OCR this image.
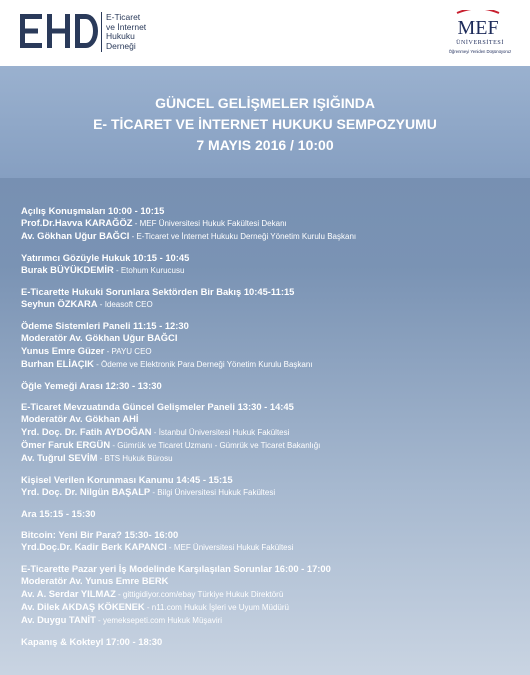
E-Ticaret
ve İnternet
Hukuku
Derneği
MEF
ÜNİVERSİTESİ
Öğrenmeyi Yeniden Düşünüyoruz
GÜNCEL GELİŞMELER IŞIĞINDA
E- TİCARET VE İNTERNET HUKUKU SEMPOZYUMU
7 MAYIS 2016 / 10:00
Açılış Konuşmaları 10:00 - 10:15
Prof.Dr.Havva KARAĞÖZ - MEF Üniversitesi Hukuk Fakültesi Dekanı
Av. Gökhan Uğur BAĞCI - E-Ticaret ve İnternet Hukuku Derneği Yönetim Kurulu Başkanı
Yatırımcı Gözüyle Hukuk 10:15 - 10:45
Burak BÜYÜKDEMİR - Etohum Kurucusu
E-Ticarette Hukuki Sorunlara Sektörden Bir Bakış 10:45-11:15
Seyhun ÖZKARA - Ideasoft CEO
Ödeme Sistemleri Paneli 11:15 - 12:30
Moderatör Av. Gökhan Uğur BAĞCI
Yunus Emre Güzer - PAYU CEO
Burhan ELİAÇIK - Ödeme ve Elektronik Para Derneği Yönetim Kurulu Başkanı
Öğle Yemeği Arası 12:30 - 13:30
E-Ticaret Mevzuatında Güncel Gelişmeler Paneli 13:30 - 14:45
Moderatör Av. Gökhan AHİ
Yrd. Doç. Dr. Fatih AYDOĞAN - İstanbul Üniversitesi Hukuk Fakültesi
Ömer Faruk ERGÜN - Gümrük ve Ticaret Uzmanı - Gümrük ve Ticaret Bakanlığı
Av. Tuğrul SEVİM - BTS Hukuk Bürosu
Kişisel Verilen Korunması Kanunu 14:45 - 15:15
Yrd. Doç. Dr. Nilgün BAŞALP - Bilgi Üniversitesi Hukuk Fakültesi
Ara 15:15 - 15:30
Bitcoin: Yeni Bir Para? 15:30- 16:00
Yrd.Doç.Dr. Kadir Berk KAPANCI - MEF Üniversitesi Hukuk Fakültesi
E-Ticarette Pazar yeri İş Modelinde Karşılaşılan Sorunlar 16:00 - 17:00
Moderatör Av. Yunus Emre BERK
Av. A. Serdar YILMAZ - gittigidiyor.com/ebay Türkiye Hukuk Direktörü
Av. Dilek AKDAŞ KÖKENEK - n11.com Hukuk İşleri ve Uyum Müdürü
Av. Duygu TANİT - yemeksepeti.com Hukuk Müşaviri
Kapanış & Kokteyl 17:00 - 18:30
